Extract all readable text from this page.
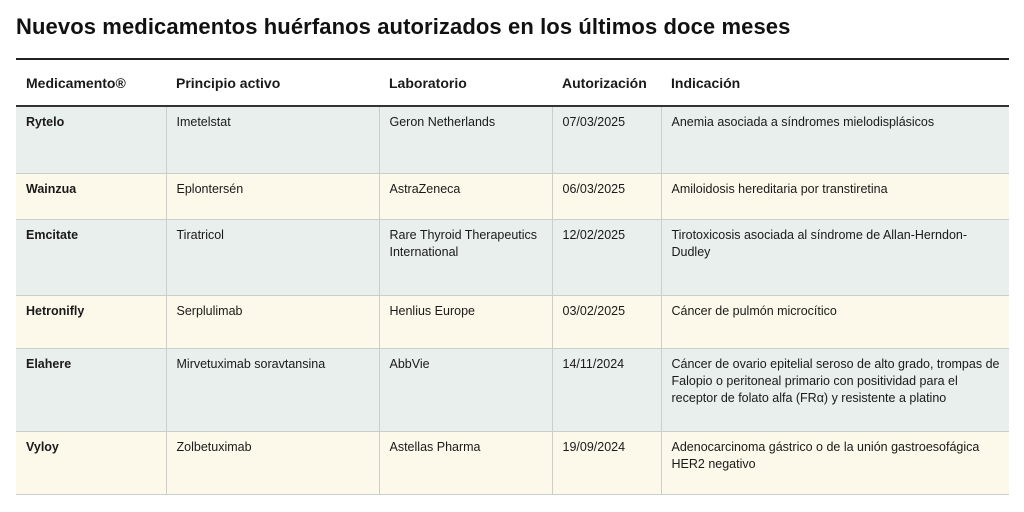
Nuevos medicamentos huérfanos autorizados en los últimos doce meses
Medicamento®	Principio activo	Laboratorio	Autorización	Indicación
Rytelo	Imetelstat	Geron Netherlands	07/03/2025	Anemia asociada a síndromes mielodisplásicos
Wainzua	Eplontersén	AstraZeneca	06/03/2025	Amiloidosis hereditaria por transtiretina
Emcitate	Tiratricol	Rare Thyroid Therapeutics International	12/02/2025	Tirotoxicosis asociada al síndrome de Allan-Herndon-Dudley
Hetronifly	Serplulimab	Henlius Europe	03/02/2025	Cáncer de pulmón microcítico
Elahere	Mirvetuximab soravtansina	AbbVie	14/11/2024	Cáncer de ovario epitelial seroso de alto grado, trompas de Falopio o peritoneal primario con positividad para el receptor de folato alfa (FRα) y resistente a platino
Vyloy	Zolbetuximab	Astellas Pharma	19/09/2024	Adenocarcinoma gástrico o de la unión gastroesofágica HER2 negativo
